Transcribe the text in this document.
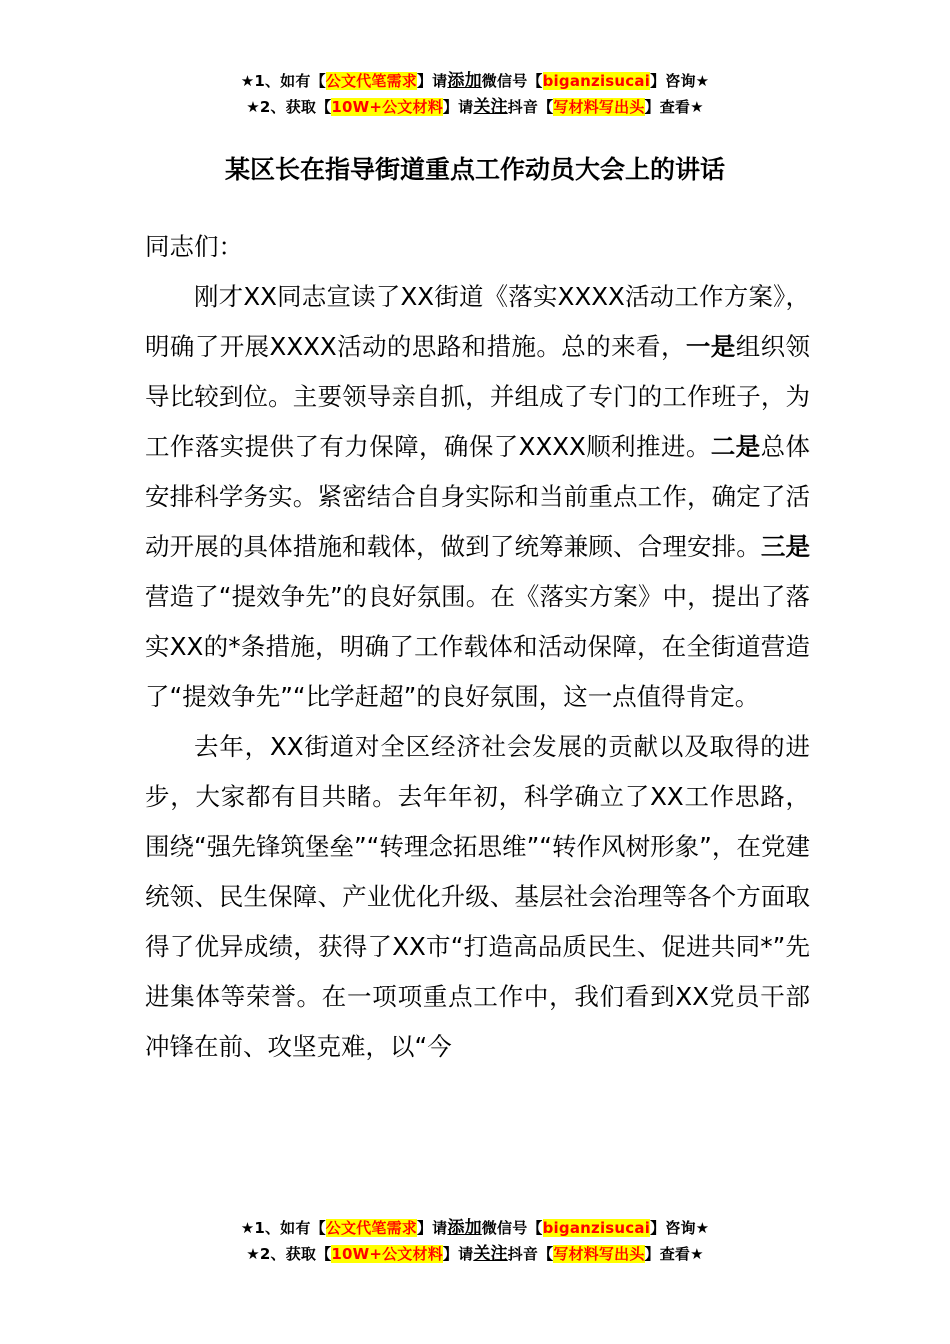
★1、如有【公文代笔需求】请添加微信号【biganzisucai】咨询★
★2、获取【10W+公文材料】请关注抖音【写材料写出头】查看★
某区长在指导街道重点工作动员大会上的讲话

同志们：

刚才XX同志宣读了XX街道《落实XXXX活动工作方案》，明确了开展XXXX活动的思路和措施。总的来看，一是组织领导比较到位。主要领导亲自抓，并组成了专门的工作班子，为工作落实提供了有力保障，确保了XXXX顺利推进。二是总体安排科学务实。紧密结合自身实际和当前重点工作，确定了活动开展的具体措施和载体，做到了统筹兼顾、合理安排。三是营造了“提效争先”的良好氛围。在《落实方案》中，提出了落实XX的*条措施，明确了工作载体和活动保障，在全街道营造了“提效争先”“比学赶超”的良好氛围，这一点值得肯定。

去年，XX街道对全区经济社会发展的贡献以及取得的进步，大家都有目共睹。去年年初，科学确立了XX工作思路，围绕“强先锋筑堡垒”“转理念拓思维”“转作风树形象”，在党建统领、民生保障、产业优化升级、基层社会治理等各个方面取得了优异成绩，获得了XX市“打造高品质民生、促进共同*”先进集体等荣誉。在一项项重点工作中，我们看到XX党员干部冲锋在前、攻坚克难，以“今

★1、如有【公文代笔需求】请添加微信号【biganzisucai】咨询★
★2、获取【10W+公文材料】请关注抖音【写材料写出头】查看★
